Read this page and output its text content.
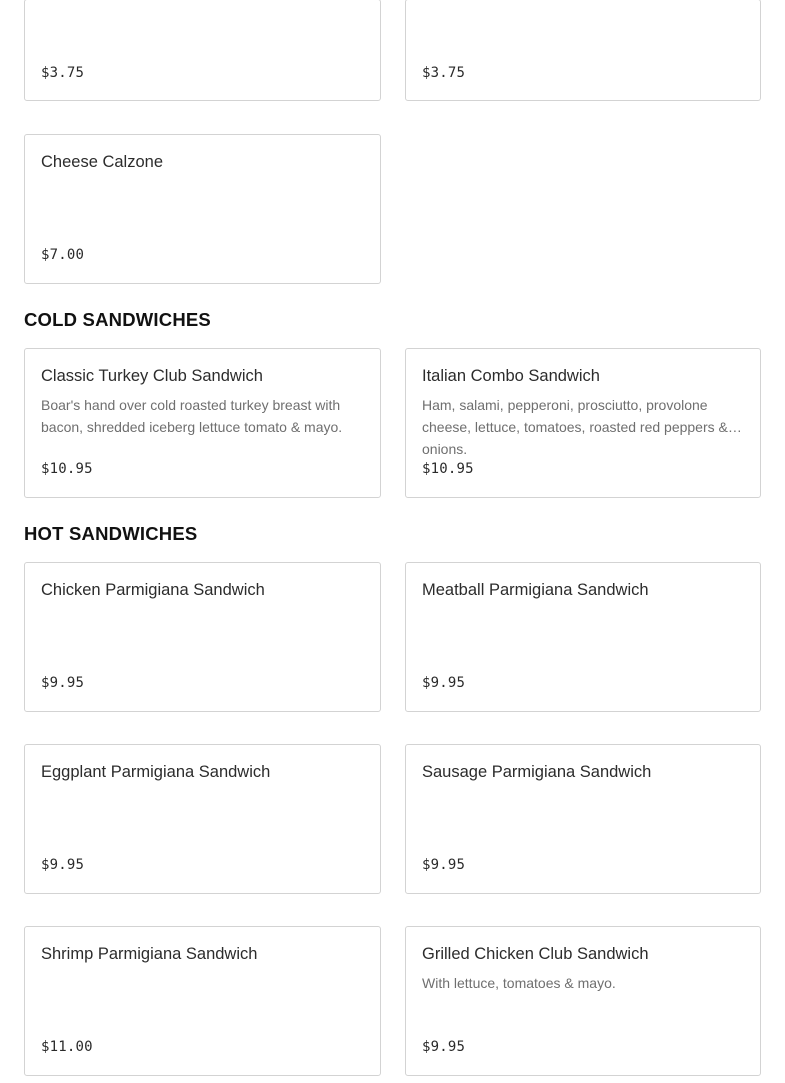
$3.75	$3.75
Cheese Calzone
$7.00
COLD SANDWICHES
Classic Turkey Club Sandwich
Boar's hand over cold roasted turkey breast with bacon, shredded iceberg lettuce tomato & mayo.
$10.95
Italian Combo Sandwich
Ham, salami, pepperoni, prosciutto, provolone cheese, lettuce, tomatoes, roasted red peppers & onions.
$10.95
HOT SANDWICHES
Chicken Parmigiana Sandwich
$9.95
Meatball Parmigiana Sandwich
$9.95
Eggplant Parmigiana Sandwich
$9.95
Sausage Parmigiana Sandwich
$9.95
Shrimp Parmigiana Sandwich
$11.00
Grilled Chicken Club Sandwich
With lettuce, tomatoes & mayo.
$9.95
